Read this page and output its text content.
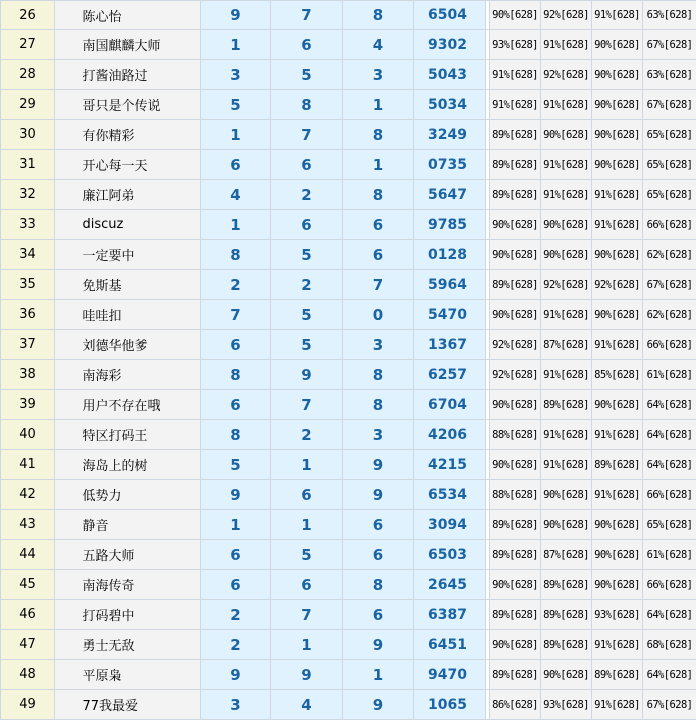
26		陈心怡	9	7	8	6504		90%[628]	92%[628]	91%[628]	63%[628]
27		南国麒麟大师	1	6	4	9302		93%[628]	91%[628]	90%[628]	67%[628]
28		打酱油路过	3	5	3	5043		91%[628]	92%[628]	90%[628]	63%[628]
29		哥只是个传说	5	8	1	5034		91%[628]	91%[628]	90%[628]	67%[628]
30		有你精彩	1	7	8	3249		89%[628]	90%[628]	90%[628]	65%[628]
31		开心每一天	6	6	1	0735		89%[628]	91%[628]	90%[628]	65%[628]
32		廉江阿弟	4	2	8	5647		89%[628]	91%[628]	91%[628]	65%[628]
33		discuz	1	6	6	9785		90%[628]	90%[628]	91%[628]	66%[628]
34		一定要中	8	5	6	0128		90%[628]	90%[628]	90%[628]	62%[628]
35		免斯基	2	2	7	5964		89%[628]	92%[628]	92%[628]	67%[628]
36		哇哇扣	7	5	0	5470		90%[628]	91%[628]	90%[628]	62%[628]
37		刘德华他爹	6	5	3	1367		92%[628]	87%[628]	91%[628]	66%[628]
38		南海彩	8	9	8	6257		92%[628]	91%[628]	85%[628]	61%[628]
39		用户不存在哦	6	7	8	6704		90%[628]	89%[628]	90%[628]	64%[628]
40		特区打码王	8	2	3	4206		88%[628]	91%[628]	91%[628]	64%[628]
41		海岛上的树	5	1	9	4215		90%[628]	91%[628]	89%[628]	64%[628]
42		低势力	9	6	9	6534		88%[628]	90%[628]	91%[628]	66%[628]
43		静音	1	1	6	3094		89%[628]	90%[628]	90%[628]	65%[628]
44		五路大师	6	5	6	6503		89%[628]	87%[628]	90%[628]	61%[628]
45		南海传奇	6	6	8	2645		90%[628]	89%[628]	90%[628]	66%[628]
46		打码碧中	2	7	6	6387		89%[628]	89%[628]	93%[628]	64%[628]
47		勇士无敌	2	1	9	6451		90%[628]	89%[628]	91%[628]	68%[628]
48		平原枭	9	9	1	9470		89%[628]	90%[628]	89%[628]	64%[628]
49		77我最爱	3	4	9	1065		86%[628]	93%[628]	91%[628]	67%[628]
